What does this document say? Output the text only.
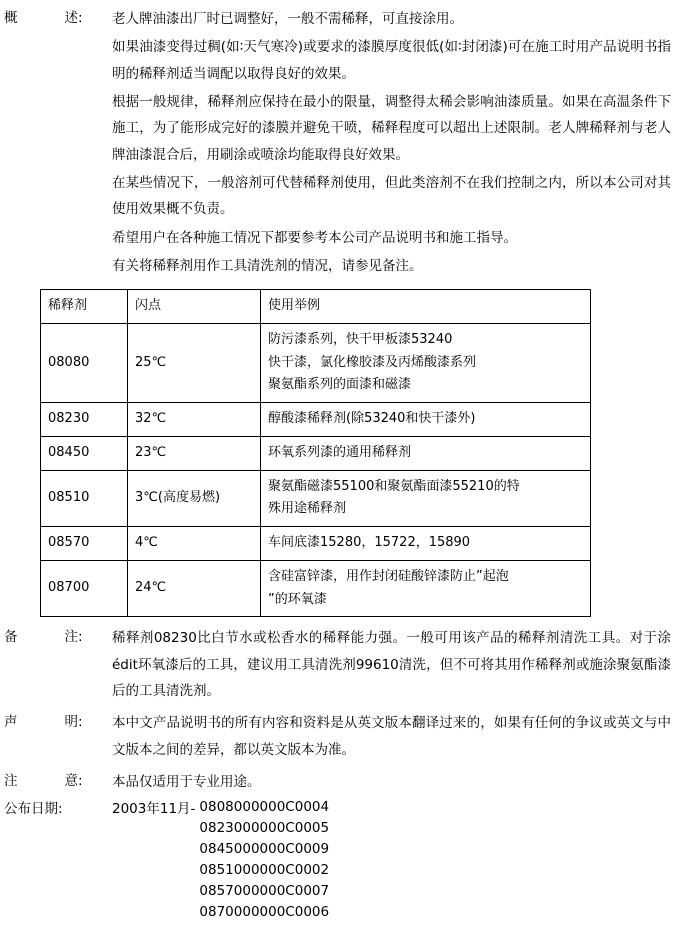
概 述:	老人牌油漆出厂时已调整好，一般不需稀释，可直接涂用。

如果油漆变得过稠(如∶天气寒冷)或要求的漆膜厚度很低(如∶封闭漆)可在施工时用产品说明书指明的稀释剂适当调配以取得良好的效果。

根据一般规律，稀释剂应保持在最小的限量，调整得太稀会影响油漆质量。如果在高温条件下施工，为了能形成完好的漆膜并避免干喷，稀释程度可以超出上述限制。老人牌稀释剂与老人牌油漆混合后，用刷涂或喷涂均能取得良好效果。

在某些情况下，一般溶剂可代替稀释剂使用，但此类溶剂不在我们控制之内，所以本公司对其使用效果概不负责。

希望用户在各种施工情况下都要参考本公司产品说明书和施工指导。

有关将稀释剂用作工具清洗剂的情况，请参见备注。

稀释剂	闪点	使用举例
08080	25℃	防污漆系列，快干甲板漆53240
快干漆，氯化橡胶漆及丙烯酸漆系列
聚氨酯系列的面漆和磁漆

08230	32℃	醇酸漆稀释剂(除53240和快干漆外)

08450	23℃	环氧系列漆的通用稀释剂

08510	3℃(高度易燃)	聚氨酯磁漆55100和聚氨酯面漆55210的特
殊用途稀释剂

08570	4℃	车间底漆15280，15722，15890

08700	24℃	含硅富锌漆，用作封闭硅酸锌漆防止”起泡
”的环氧漆
备 注:	稀释剂08230比白节水或松香水的稀释能力强。一般可用该产品的稀释剂清洗工具。对于涂édit环氧漆后的工具，建议用工具清洗剂99610清洗，但不可将其用作稀释剂或施涂聚氨酯漆后的工具清洗剂。

声 明:	本中文产品说明书的所有内容和资料是从英文版本翻译过来的，如果有任何的争议或英文与中文版本之间的差异，都以英文版本为准。

注 意:	本品仅适用于专业用途。

公布日期:	2003年11月- 0808000000C0004
0823000000C0005
0845000000C0009
0851000000C0002
0857000000C0007
0870000000C0006
